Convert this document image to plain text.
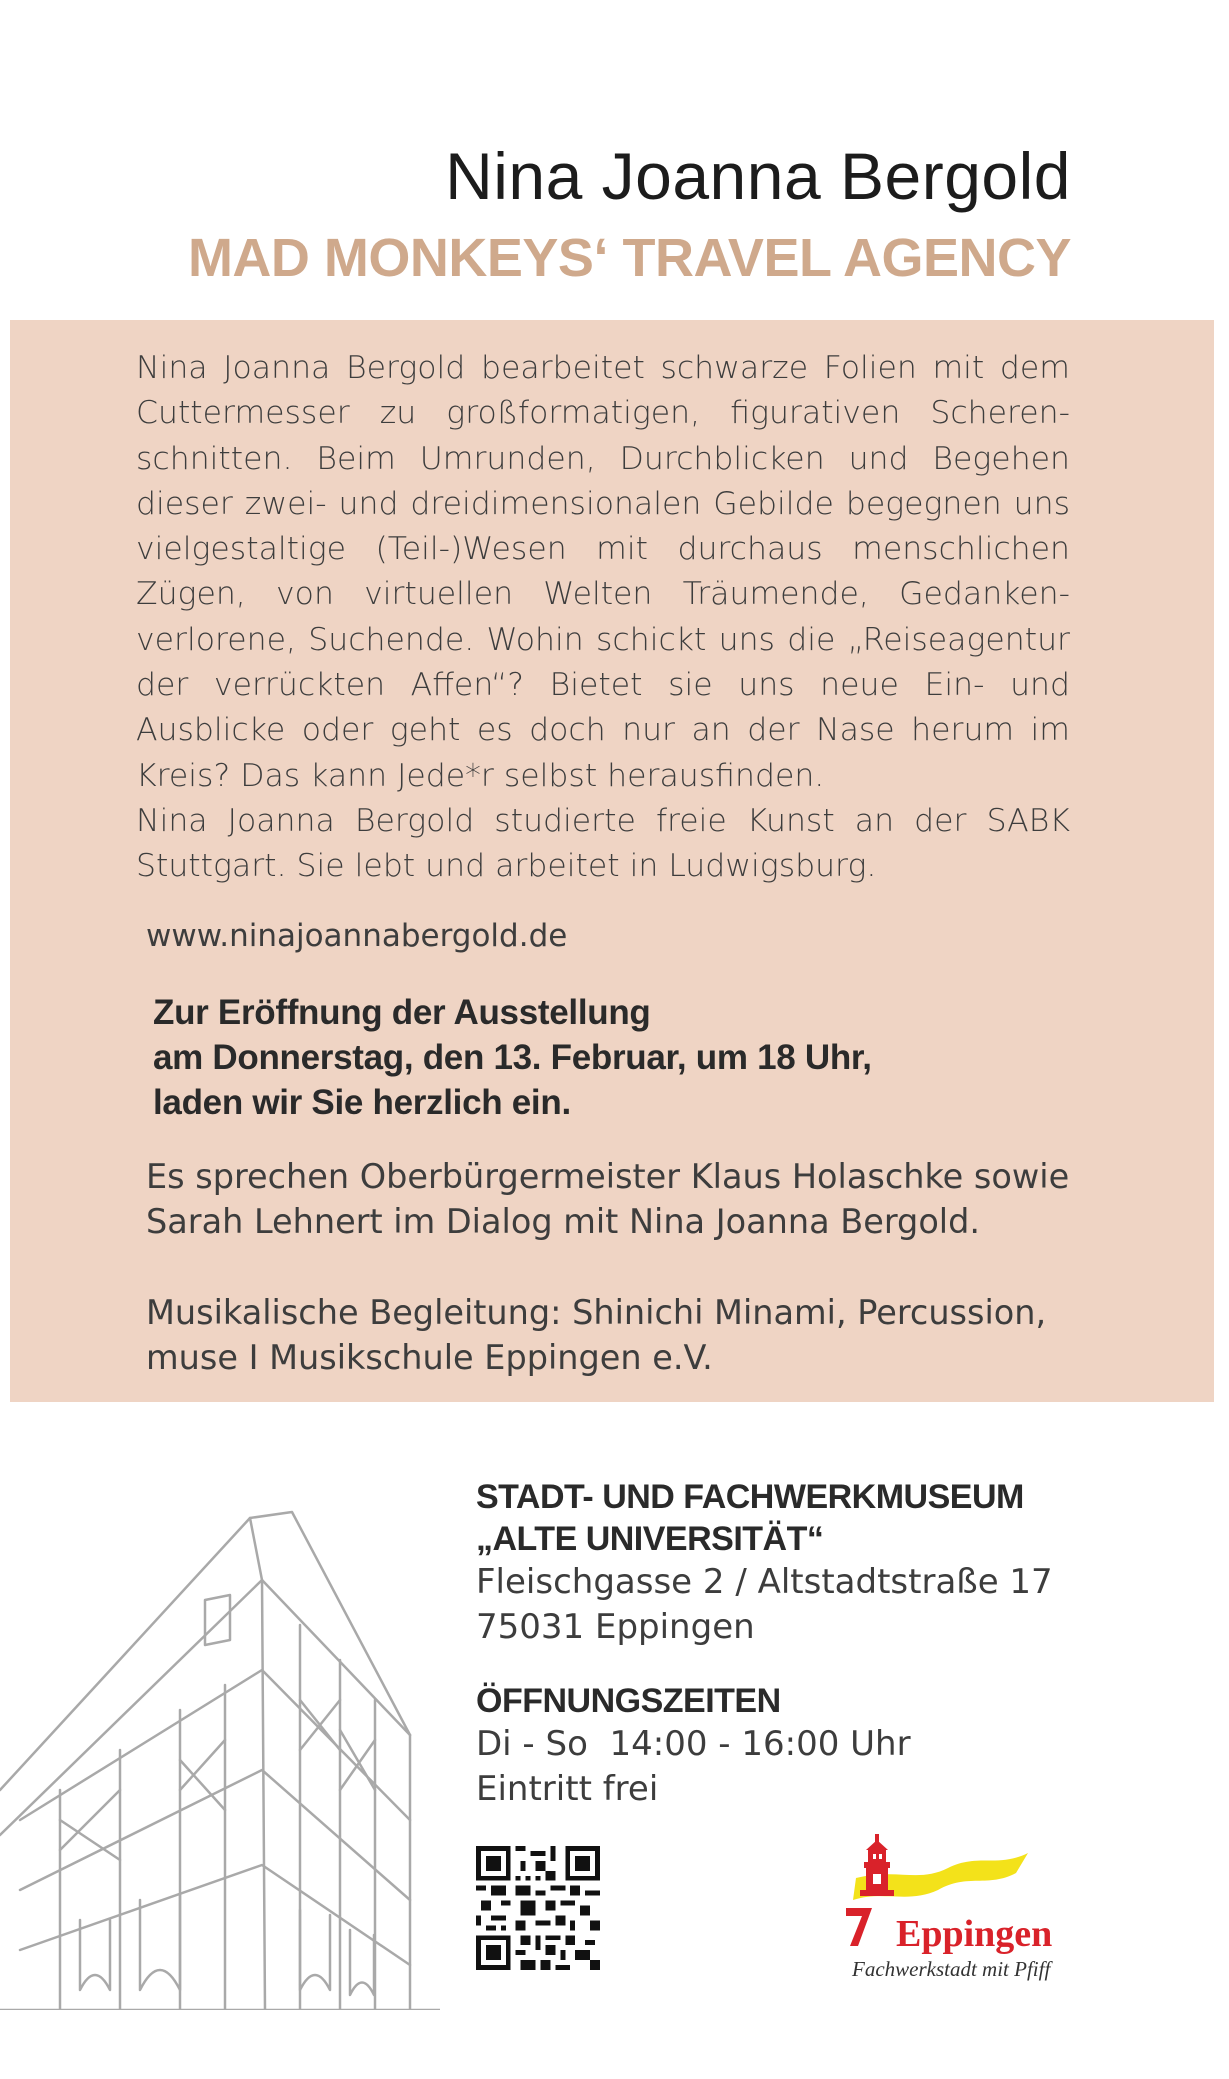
Nina Joanna Bergold
MAD MONKEYS‘ TRAVEL AGENCY

Nina Joanna Bergold bearbeitet schwarze Folien mit dem Cuttermesser zu großformatigen, figurativen Scherenschnitten. Beim Umrunden, Durchblicken und Begehen dieser zwei- und dreidimensionalen Gebilde begegnen uns vielgestaltige (Teil-)Wesen mit durchaus menschlichen Zügen, von virtuellen Welten Träumende, Gedankenverlorene, Suchende. Wohin schickt uns die „Reiseagentur der verrückten Affen“? Bietet sie uns neue Ein- und Ausblicke oder geht es doch nur an der Nase herum im Kreis? Das kann Jede*r selbst herausfinden.

Nina Joanna Bergold studierte freie Kunst an der SABK Stuttgart. Sie lebt und arbeitet in Ludwigsburg.

www.ninajoannabergold.de
Zur Eröffnung der Ausstellung
am Donnerstag, den 13. Februar, um 18 Uhr,
laden wir Sie herzlich ein.
Es sprechen Oberbürgermeister Klaus Holaschke sowie
Sarah Lehnert im Dialog mit Nina Joanna Bergold.
Musikalische Begleitung: Shinichi Minami, Percussion,
muse I Musikschule Eppingen e.V.
STADT- UND FACHWERKMUSEUM
„ALTE UNIVERSITÄT“
Fleischgasse 2 / Altstadtstraße 17
75031 Eppingen
ÖFFNUNGSZEITEN
Di - So  14:00 - 16:00 Uhr
Eintritt frei
Eppingen
Fachwerkstadt mit Pfiff
